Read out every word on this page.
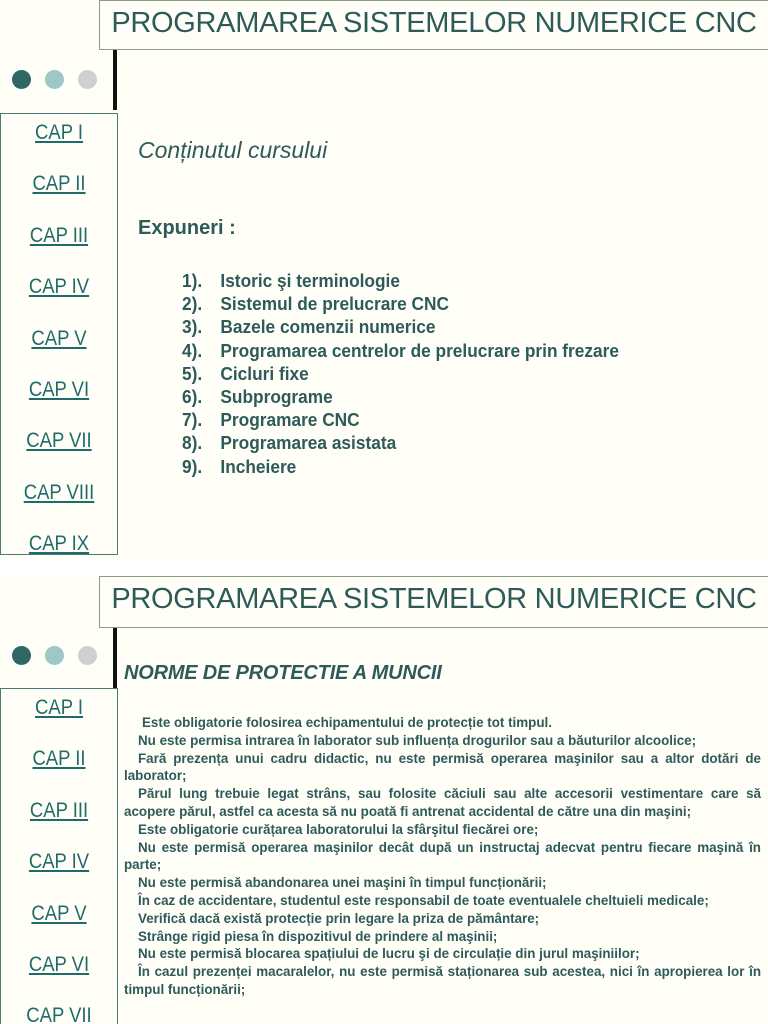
PROGRAMAREA SISTEMELOR NUMERICE CNC
CAP I
CAP II
CAP III
CAP IV
CAP V
CAP VI
CAP VII
CAP VIII
CAP IX
Conținutul cursului
Expuneri :
1). Istoric şi terminologie
2). Sistemul de prelucrare CNC
3). Bazele comenzii numerice
4). Programarea centrelor de prelucrare prin frezare
5). Cicluri fixe
6). Subprograme
7). Programare CNC
8). Programarea asistata
9). Incheiere
PROGRAMAREA SISTEMELOR NUMERICE CNC
CAP I
CAP II
CAP III
CAP IV
CAP V
CAP VI
CAP VII
NORME DE PROTECTIE A MUNCII

Este obligatorie folosirea echipamentului de protecție tot timpul.

Nu este permisa intrarea în laborator sub influența drogurilor sau a băuturilor alcoolice;

Fară prezența unui cadru didactic, nu este permisă operarea maşinilor sau a altor dotări de laborator;

Părul lung trebuie legat strâns, sau folosite căciuli sau alte accesorii vestimentare care să acopere părul, astfel ca acesta să nu poată fi antrenat accidental de către una din maşini;

Este obligatorie curățarea laboratorului la sfârşitul fiecărei ore;

Nu este permisă operarea maşinilor decât după un instructaj adecvat pentru fiecare maşină în parte;

Nu este permisă abandonarea unei maşini în timpul funcționării;

În caz de accidentare, studentul este responsabil de toate eventualele cheltuieli medicale;

Verifică dacă există protecție prin legare la priza de pământare;

Strânge rigid piesa în dispozitivul de prindere al maşinii;

Nu este permisă blocarea spațiului de lucru şi de circulație din jurul maşiniilor;

În cazul prezenței macaralelor, nu este permisă staționarea sub acestea, nici în apropierea lor în timpul funcționării;
